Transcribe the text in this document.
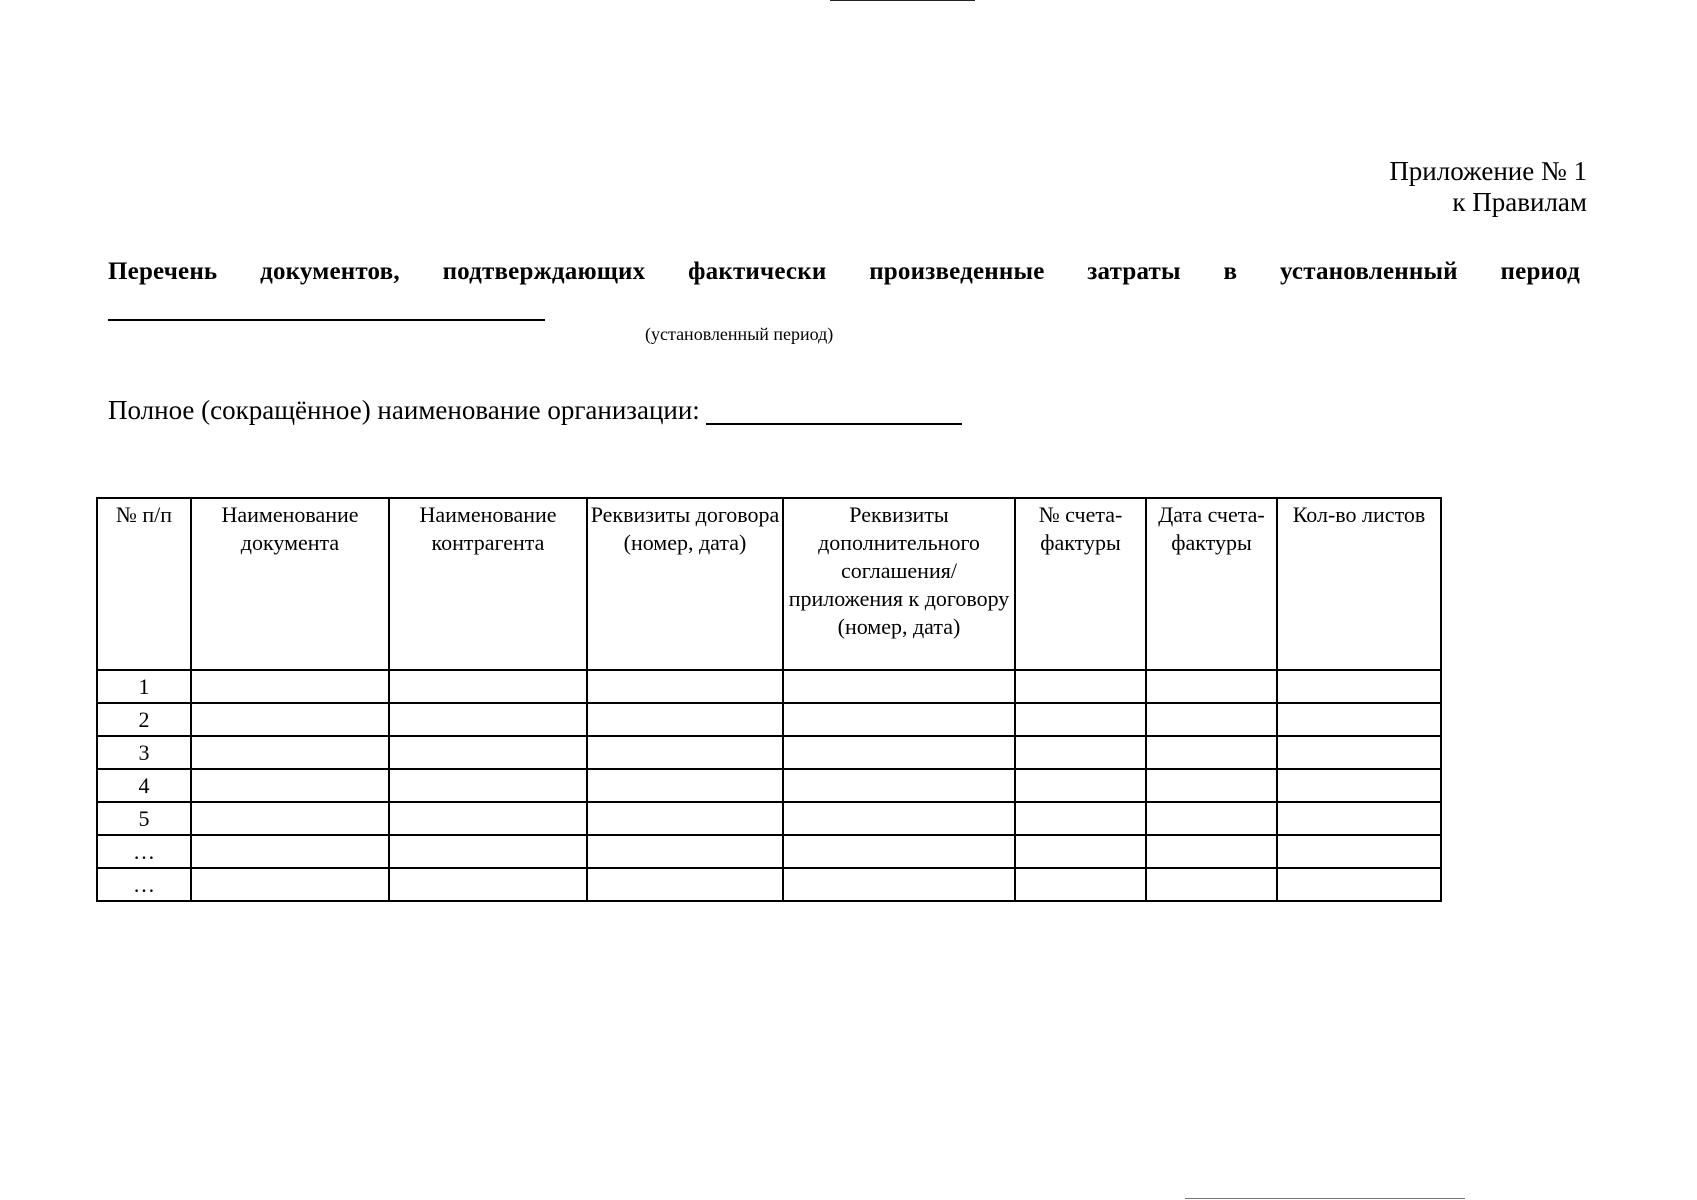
Приложение № 1
к Правилам
Перечень документов, подтверждающих фактически произведенные затраты в установленный период
(установленный период)
Полное (сокращённое) наименование организации:
№ п/п	Наименование документа	Наименование контрагента	Реквизиты договора (номер, дата)	Реквизиты дополнительного соглашения/ приложения к договору (номер, дата)	№ счета-фактуры	Дата счета-фактуры	Кол-во листов
1							
2							
3							
4							
5							
…							
…							
